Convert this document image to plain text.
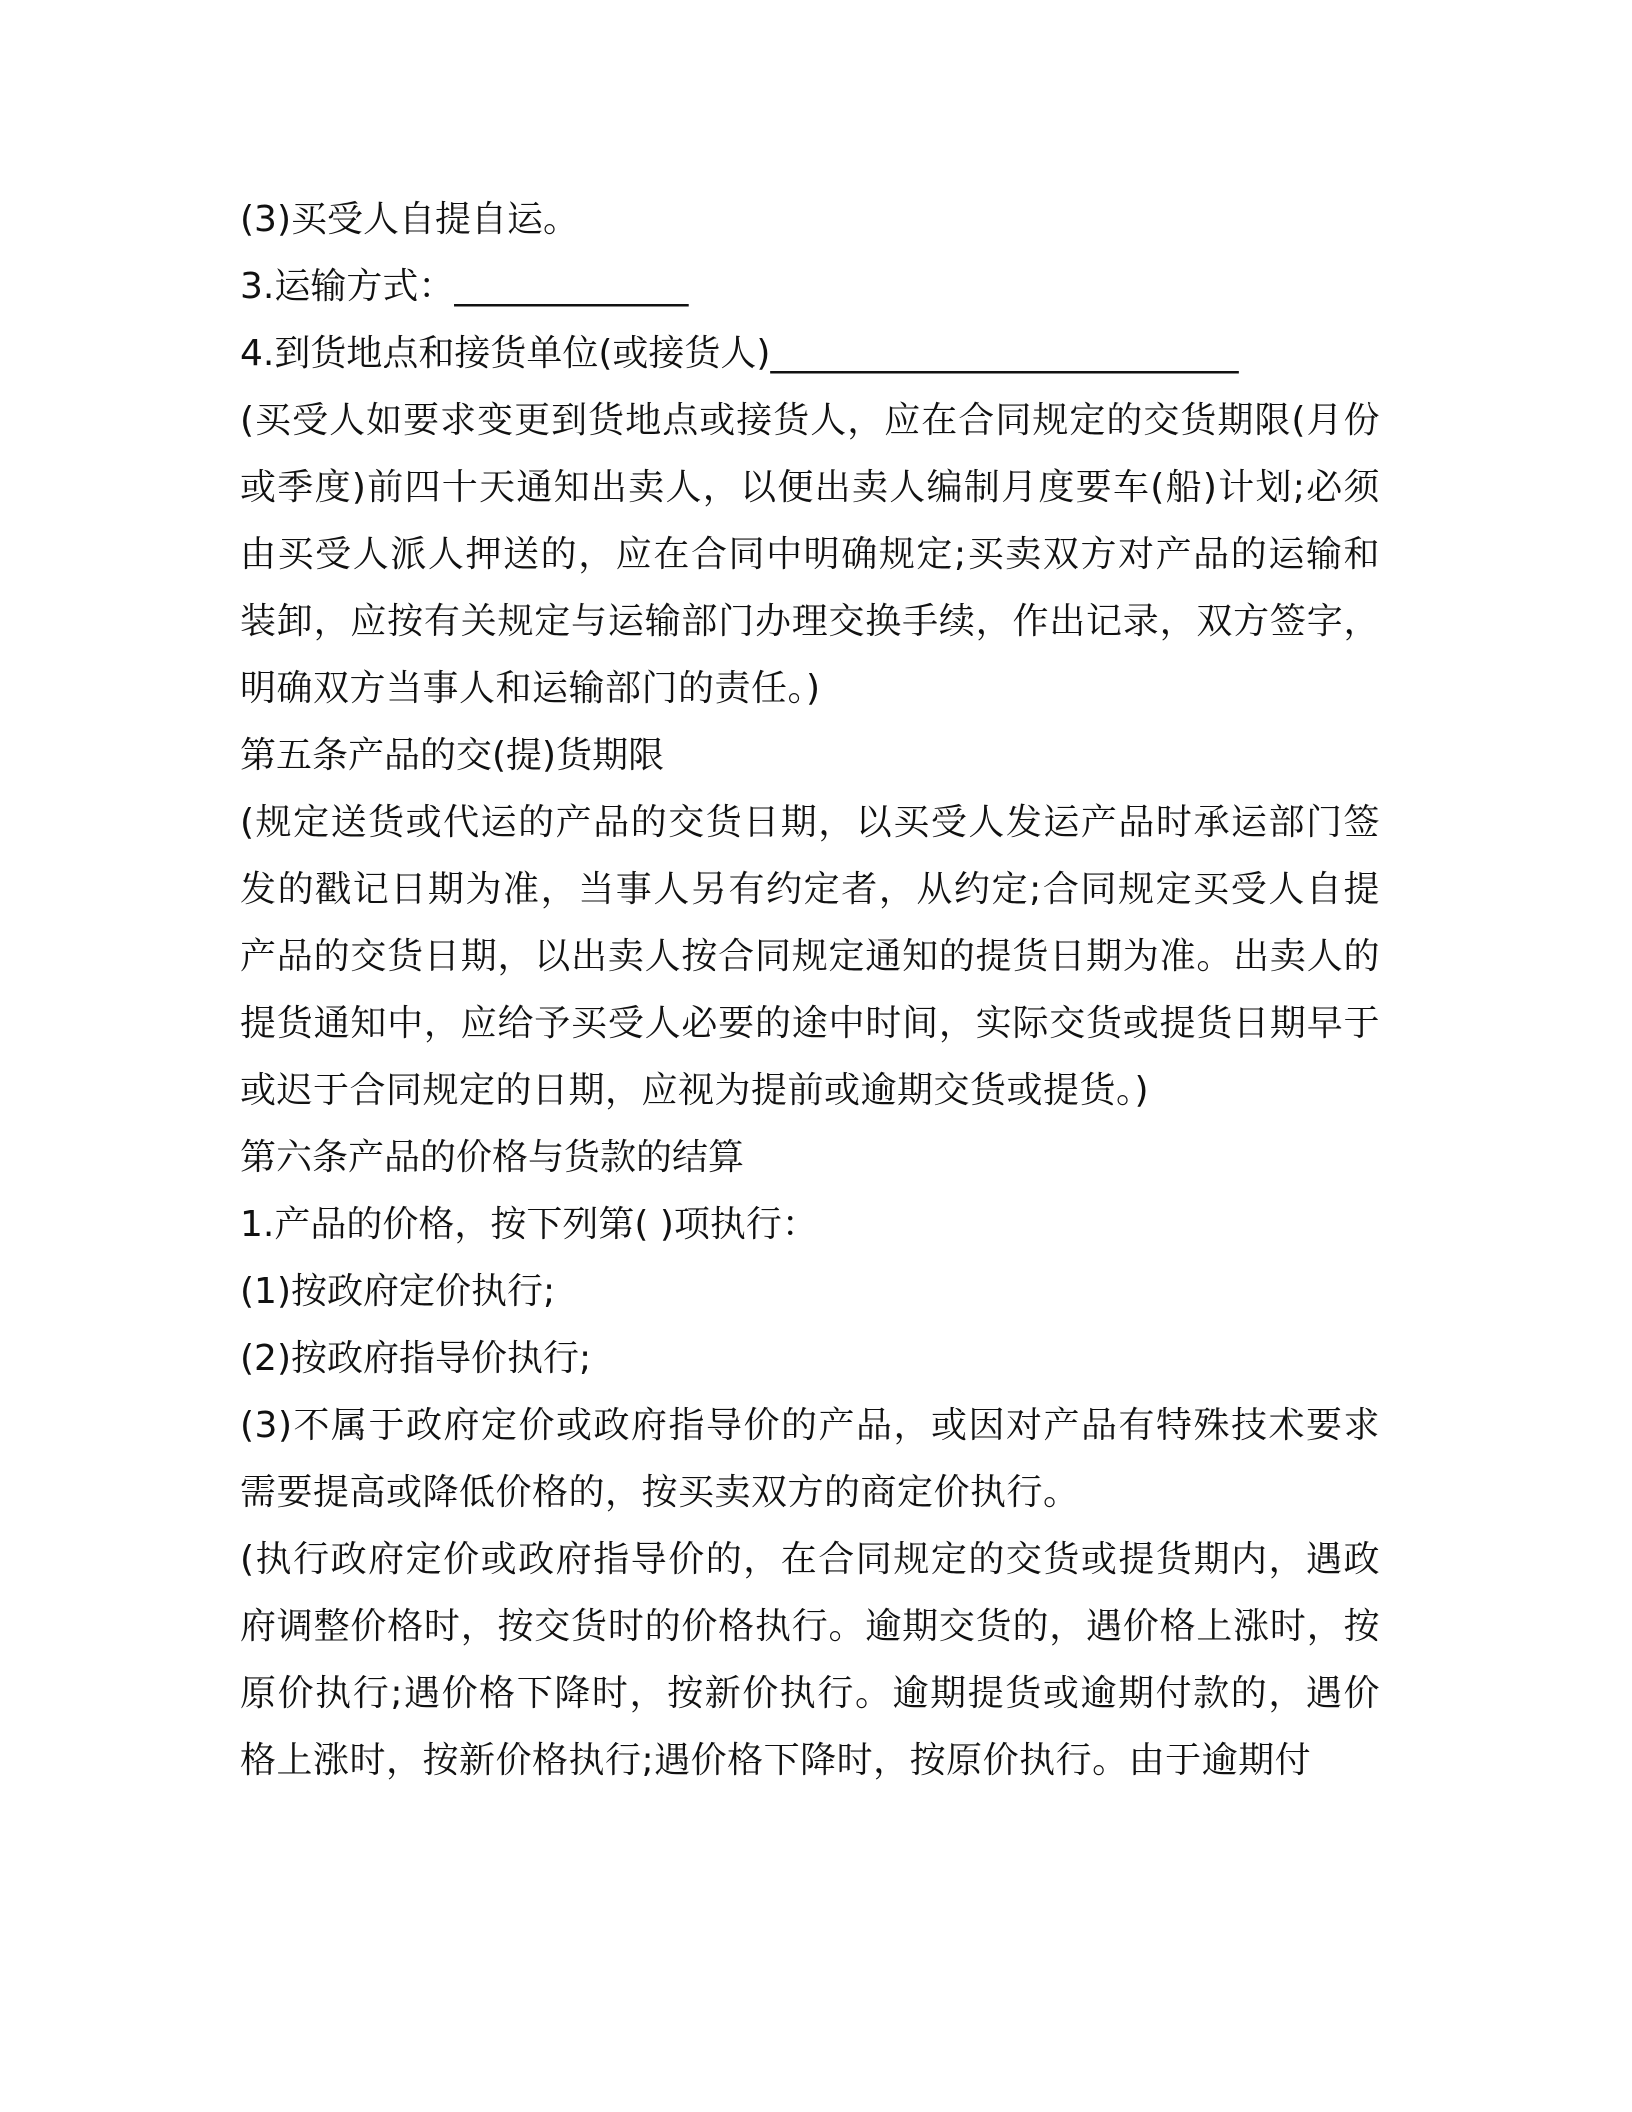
(3)买受人自提自运。
3.运输方式：_____________
4.到货地点和接货单位(或接货人)__________________________
(买受人如要求变更到货地点或接货人，应在合同规定的交货期限(月份或季度)前四十天通知出卖人，以便出卖人编制月度要车(船)计划;必须由买受人派人押送的，应在合同中明确规定;买卖双方对产品的运输和装卸，应按有关规定与运输部门办理交换手续，作出记录，双方签字，明确双方当事人和运输部门的责任。)
第五条产品的交(提)货期限
(规定送货或代运的产品的交货日期，以买受人发运产品时承运部门签发的戳记日期为准，当事人另有约定者，从约定;合同规定买受人自提产品的交货日期，以出卖人按合同规定通知的提货日期为准。出卖人的提货通知中，应给予买受人必要的途中时间，实际交货或提货日期早于或迟于合同规定的日期，应视为提前或逾期交货或提货。)
第六条产品的价格与货款的结算
1.产品的价格，按下列第( )项执行：
(1)按政府定价执行;
(2)按政府指导价执行;
(3)不属于政府定价或政府指导价的产品，或因对产品有特殊技术要求需要提高或降低价格的，按买卖双方的商定价执行。
(执行政府定价或政府指导价的，在合同规定的交货或提货期内，遇政府调整价格时，按交货时的价格执行。逾期交货的，遇价格上涨时，按原价执行;遇价格下降时，按新价执行。逾期提货或逾期付款的，遇价格上涨时，按新价格执行;遇价格下降时，按原价执行。由于逾期付
